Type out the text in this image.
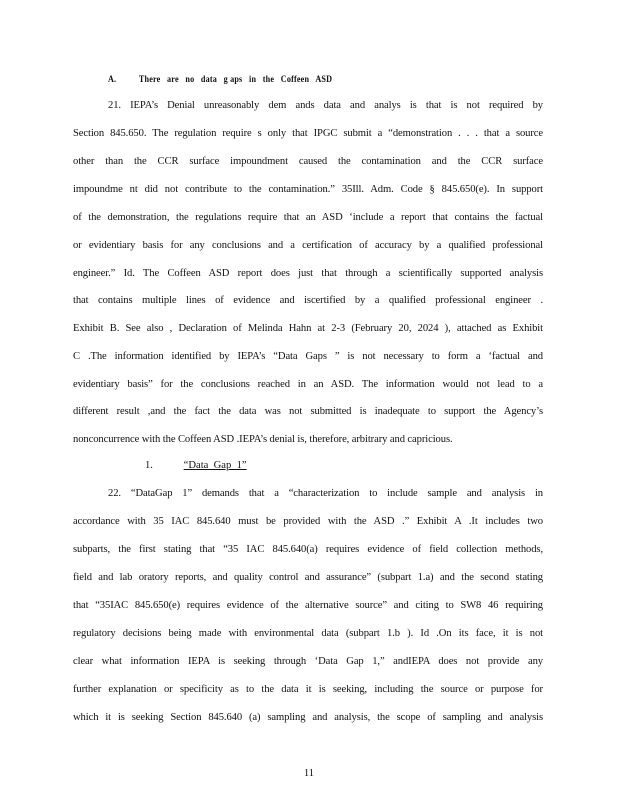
A. There   are   no   data   g aps   in   the   Coffeen   ASD
21. IEPA’s Denial unreasonably dem ands data and analys is that is not required by
Section 845.650. The regulation require s only that IPGC submit a “demonstration . . . that a source
other than the CCR surface impoundment caused the contamination and the CCR surface
impoundme nt did not contribute to the contamination.” 35Ill. Adm. Code § 845.650(e). In support
of the demonstration, the regulations require that an ASD ‘include a report that contains the factual
or evidentiary basis for any conclusions and a certification of accuracy by a qualified professional
engineer.” Id. The Coffeen ASD report does just that through a scientifically supported analysis
that contains multiple lines of evidence and iscertified by a qualified professional engineer .
Exhibit B. See also , Declaration of Melinda Hahn at 2-3 (February 20, 2024 ), attached as Exhibit
C .The information identified by IEPA’s “Data Gaps ” is not necessary to form a ‘factual and
evidentiary basis” for the conclusions reached in an ASD. The information would not lead to a
different result ,and the fact the data was not submitted is inadequate to support the Agency’s
nonconcurrence with the Coffeen ASD .IEPA’s denial is, therefore, arbitrary and capricious.
1.	“Data  Gap  1”
22. “DataGap 1” demands that a “characterization to include sample and analysis in
accordance with 35 IAC 845.640 must be provided with the ASD .” Exhibit A .It includes two
subparts, the first stating that “35 IAC 845.640(a) requires evidence of field collection methods,
field and lab oratory reports, and quality control and assurance” (subpart 1.a) and the second stating
that “35IAC 845.650(e) requires evidence of the alternative source” and citing to SW8 46 requiring
regulatory decisions being made with environmental data (subpart 1.b ). Id .On its face, it is not
clear what information IEPA is seeking through ‘Data Gap 1,” andIEPA does not provide any
further explanation or specificity as to the data it is seeking, including the source or purpose for
which it is seeking Section 845.640 (a) sampling and analysis, the scope of sampling and analysis
11
